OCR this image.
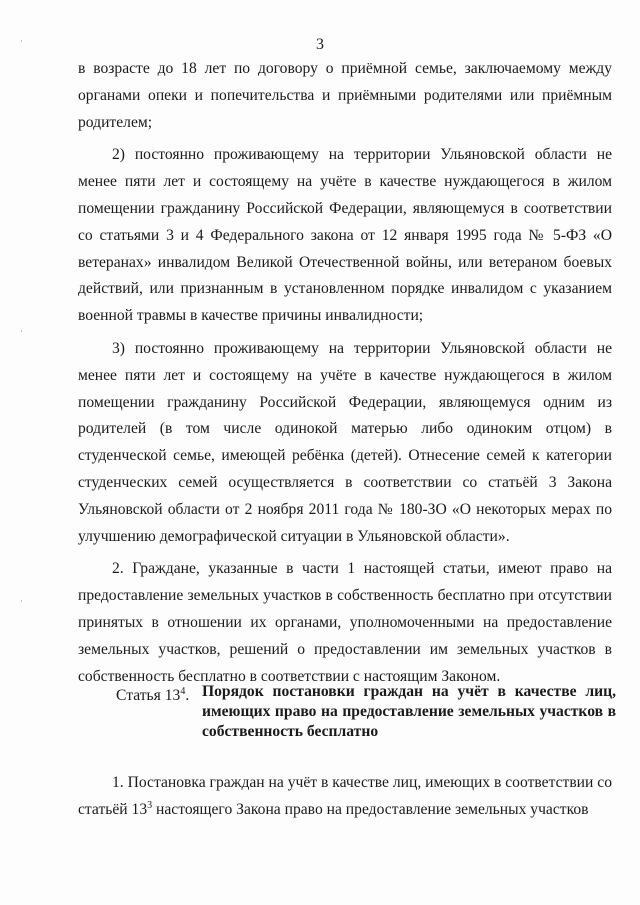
3

в возрасте до 18 лет по договору о приёмной семье, заключаемому между органами опеки и попечительства и приёмными родителями или приёмным родителем;

2) постоянно проживающему на территории Ульяновской области не менее пяти лет и состоящему на учёте в качестве нуждающегося в жилом помещении гражданину Российской Федерации, являющемуся в соответствии со статьями 3 и 4 Федерального закона от 12 января 1995 года № 5-ФЗ «О ветеранах» инвалидом Великой Отечественной войны, или ветераном боевых действий, или признанным в установленном порядке инвалидом с указанием военной травмы в качестве причины инвалидности;

3) постоянно проживающему на территории Ульяновской области не менее пяти лет и состоящему на учёте в качестве нуждающегося в жилом помещении гражданину Российской Федерации, являющемуся одним из родителей (в том числе одинокой матерью либо одиноким отцом) в студенческой семье, имеющей ребёнка (детей). Отнесение семей к категории студенческих семей осуществляется в соответствии со статьёй 3 Закона Ульяновской области от 2 ноября 2011 года № 180-ЗО «О некоторых мерах по улучшению демографической ситуации в Ульяновской области».

2. Граждане, указанные в части 1 настоящей статьи, имеют право на предоставление земельных участков в собственность бесплатно при отсутствии принятых в отношении их органами, уполномоченными на предоставление земельных участков, решений о предоставлении им земельных участков в собственность бесплатно в соответствии с настоящим Законом.

Статья $13^4$. Порядок постановки граждан на учёт в качестве лиц, имеющих право на предоставление земельных участков в собственность бесплатно

1. Постановка граждан на учёт в качестве лиц, имеющих в соответствии со статьёй 13$^3$ настоящего Закона право на предоставление земельных участков
